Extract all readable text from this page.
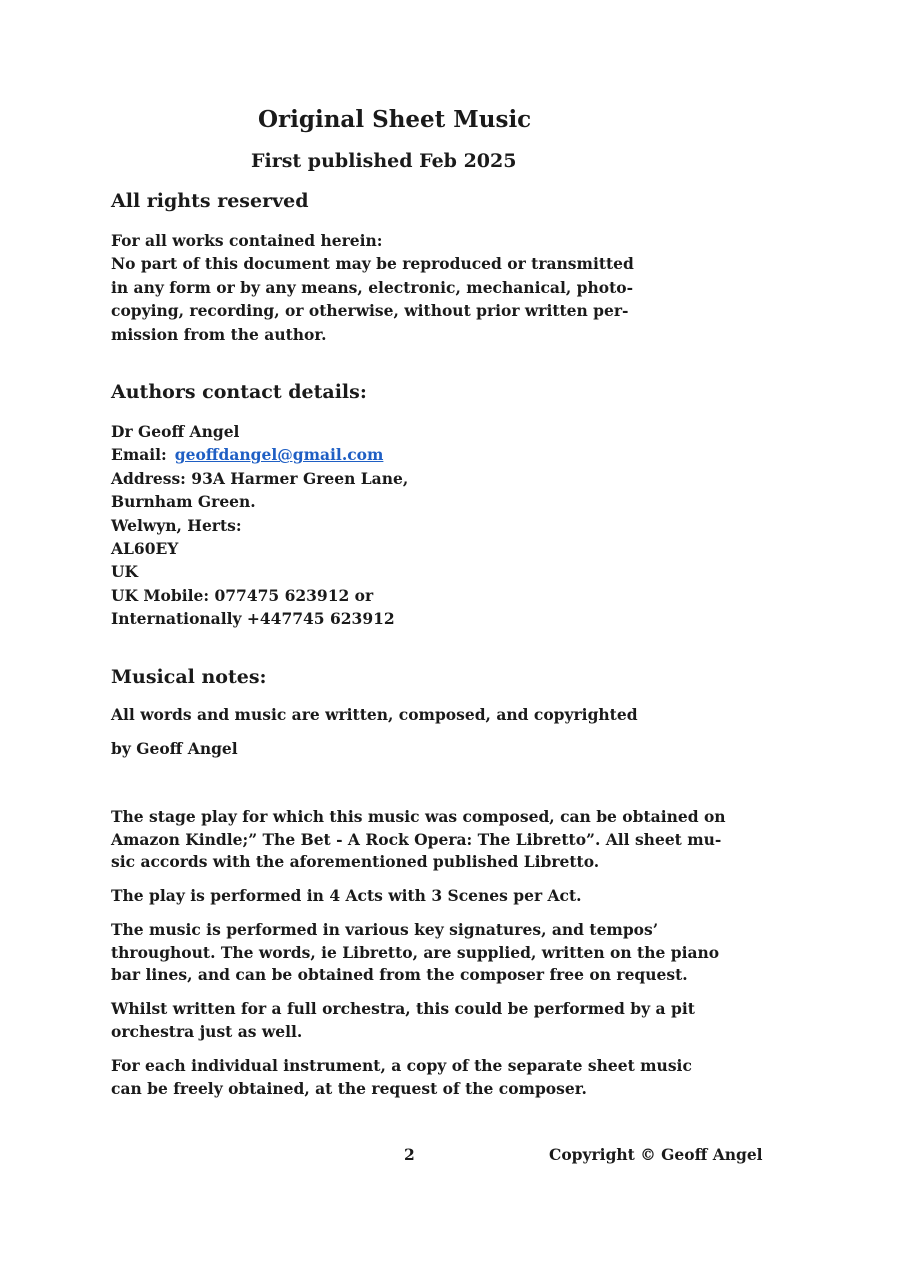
Original Sheet Music
First published Feb 2025
All rights reserved
For all works contained herein:
No part of this document may be reproduced or transmitted
in any form or by any means, electronic, mechanical, photo-
copying, recording, or otherwise, without prior written per-
mission from the author.
Authors contact details:
Dr Geoff Angel
Email: geoffdangel@gmail.com
Address: 93A Harmer Green Lane,
Burnham Green.
Welwyn, Herts:
AL60EY
UK
UK Mobile: 077475 623912 or
Internationally +447745 623912
Musical notes:
All words and music are written, composed, and copyrighted
by Geoff Angel
The stage play for which this music was composed, can be obtained on
Amazon Kindle;” The Bet - A Rock Opera: The Libretto”. All sheet mu-
sic accords with the aforementioned published Libretto.
The play is performed in 4 Acts with 3 Scenes per Act.
The music is performed in various key signatures, and tempos’
throughout. The words, ie Libretto, are supplied, written on the piano
bar lines, and can be obtained from the composer free on request.
Whilst written for a full orchestra, this could be performed by a pit
orchestra just as well.
For each individual instrument, a copy of the separate sheet music
can be freely obtained, at the request of the composer.
2	Copyright © Geoff Angel
